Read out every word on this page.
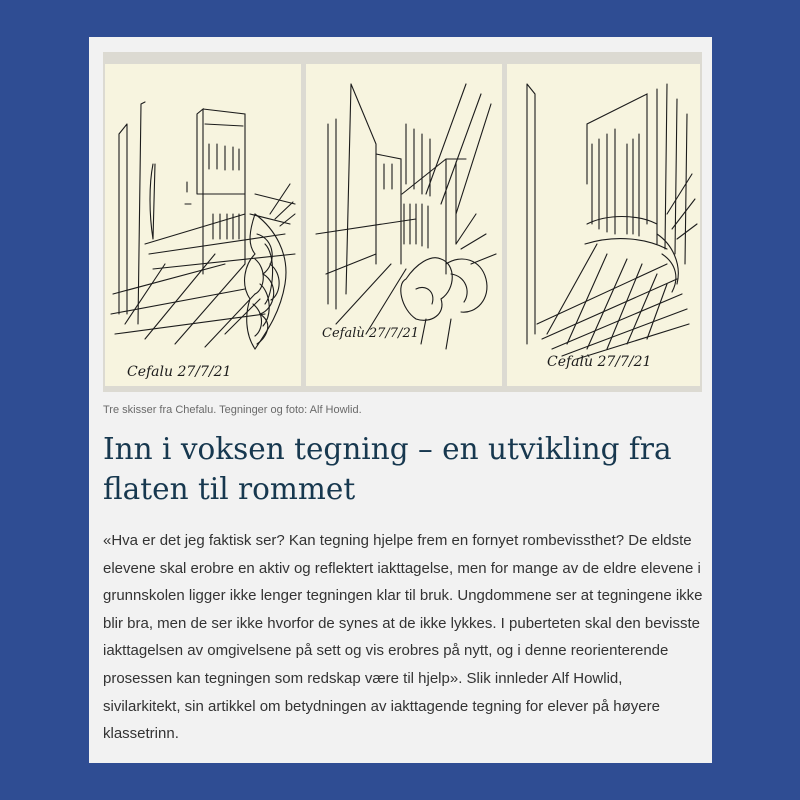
Cefalu 27/7/21
Cefalù 27/7/21
Cefalù 27/7/21
Tre skisser fra Chefalu. Tegninger og foto: Alf Howlid.
Inn i voksen tegning – en utvikling fra flaten til rommet

«Hva er det jeg faktisk ser? Kan tegning hjelpe frem en fornyet rombevissthet? De eldste elevene skal erobre en aktiv og reflektert iakttagelse, men for mange av de eldre elevene i grunnskolen ligger ikke lenger tegningen klar til bruk. Ungdommene ser at tegningene ikke blir bra, men de ser ikke hvorfor de synes at de ikke lykkes. I puberteten skal den bevisste iakttagelsen av omgivelsene på sett og vis erobres på nytt, og i denne reorienterende prosessen kan tegningen som redskap være til hjelp». Slik innleder Alf Howlid, sivilarkitekt, sin artikkel om betydningen av iakttagende tegning for elever på høyere klassetrinn.
